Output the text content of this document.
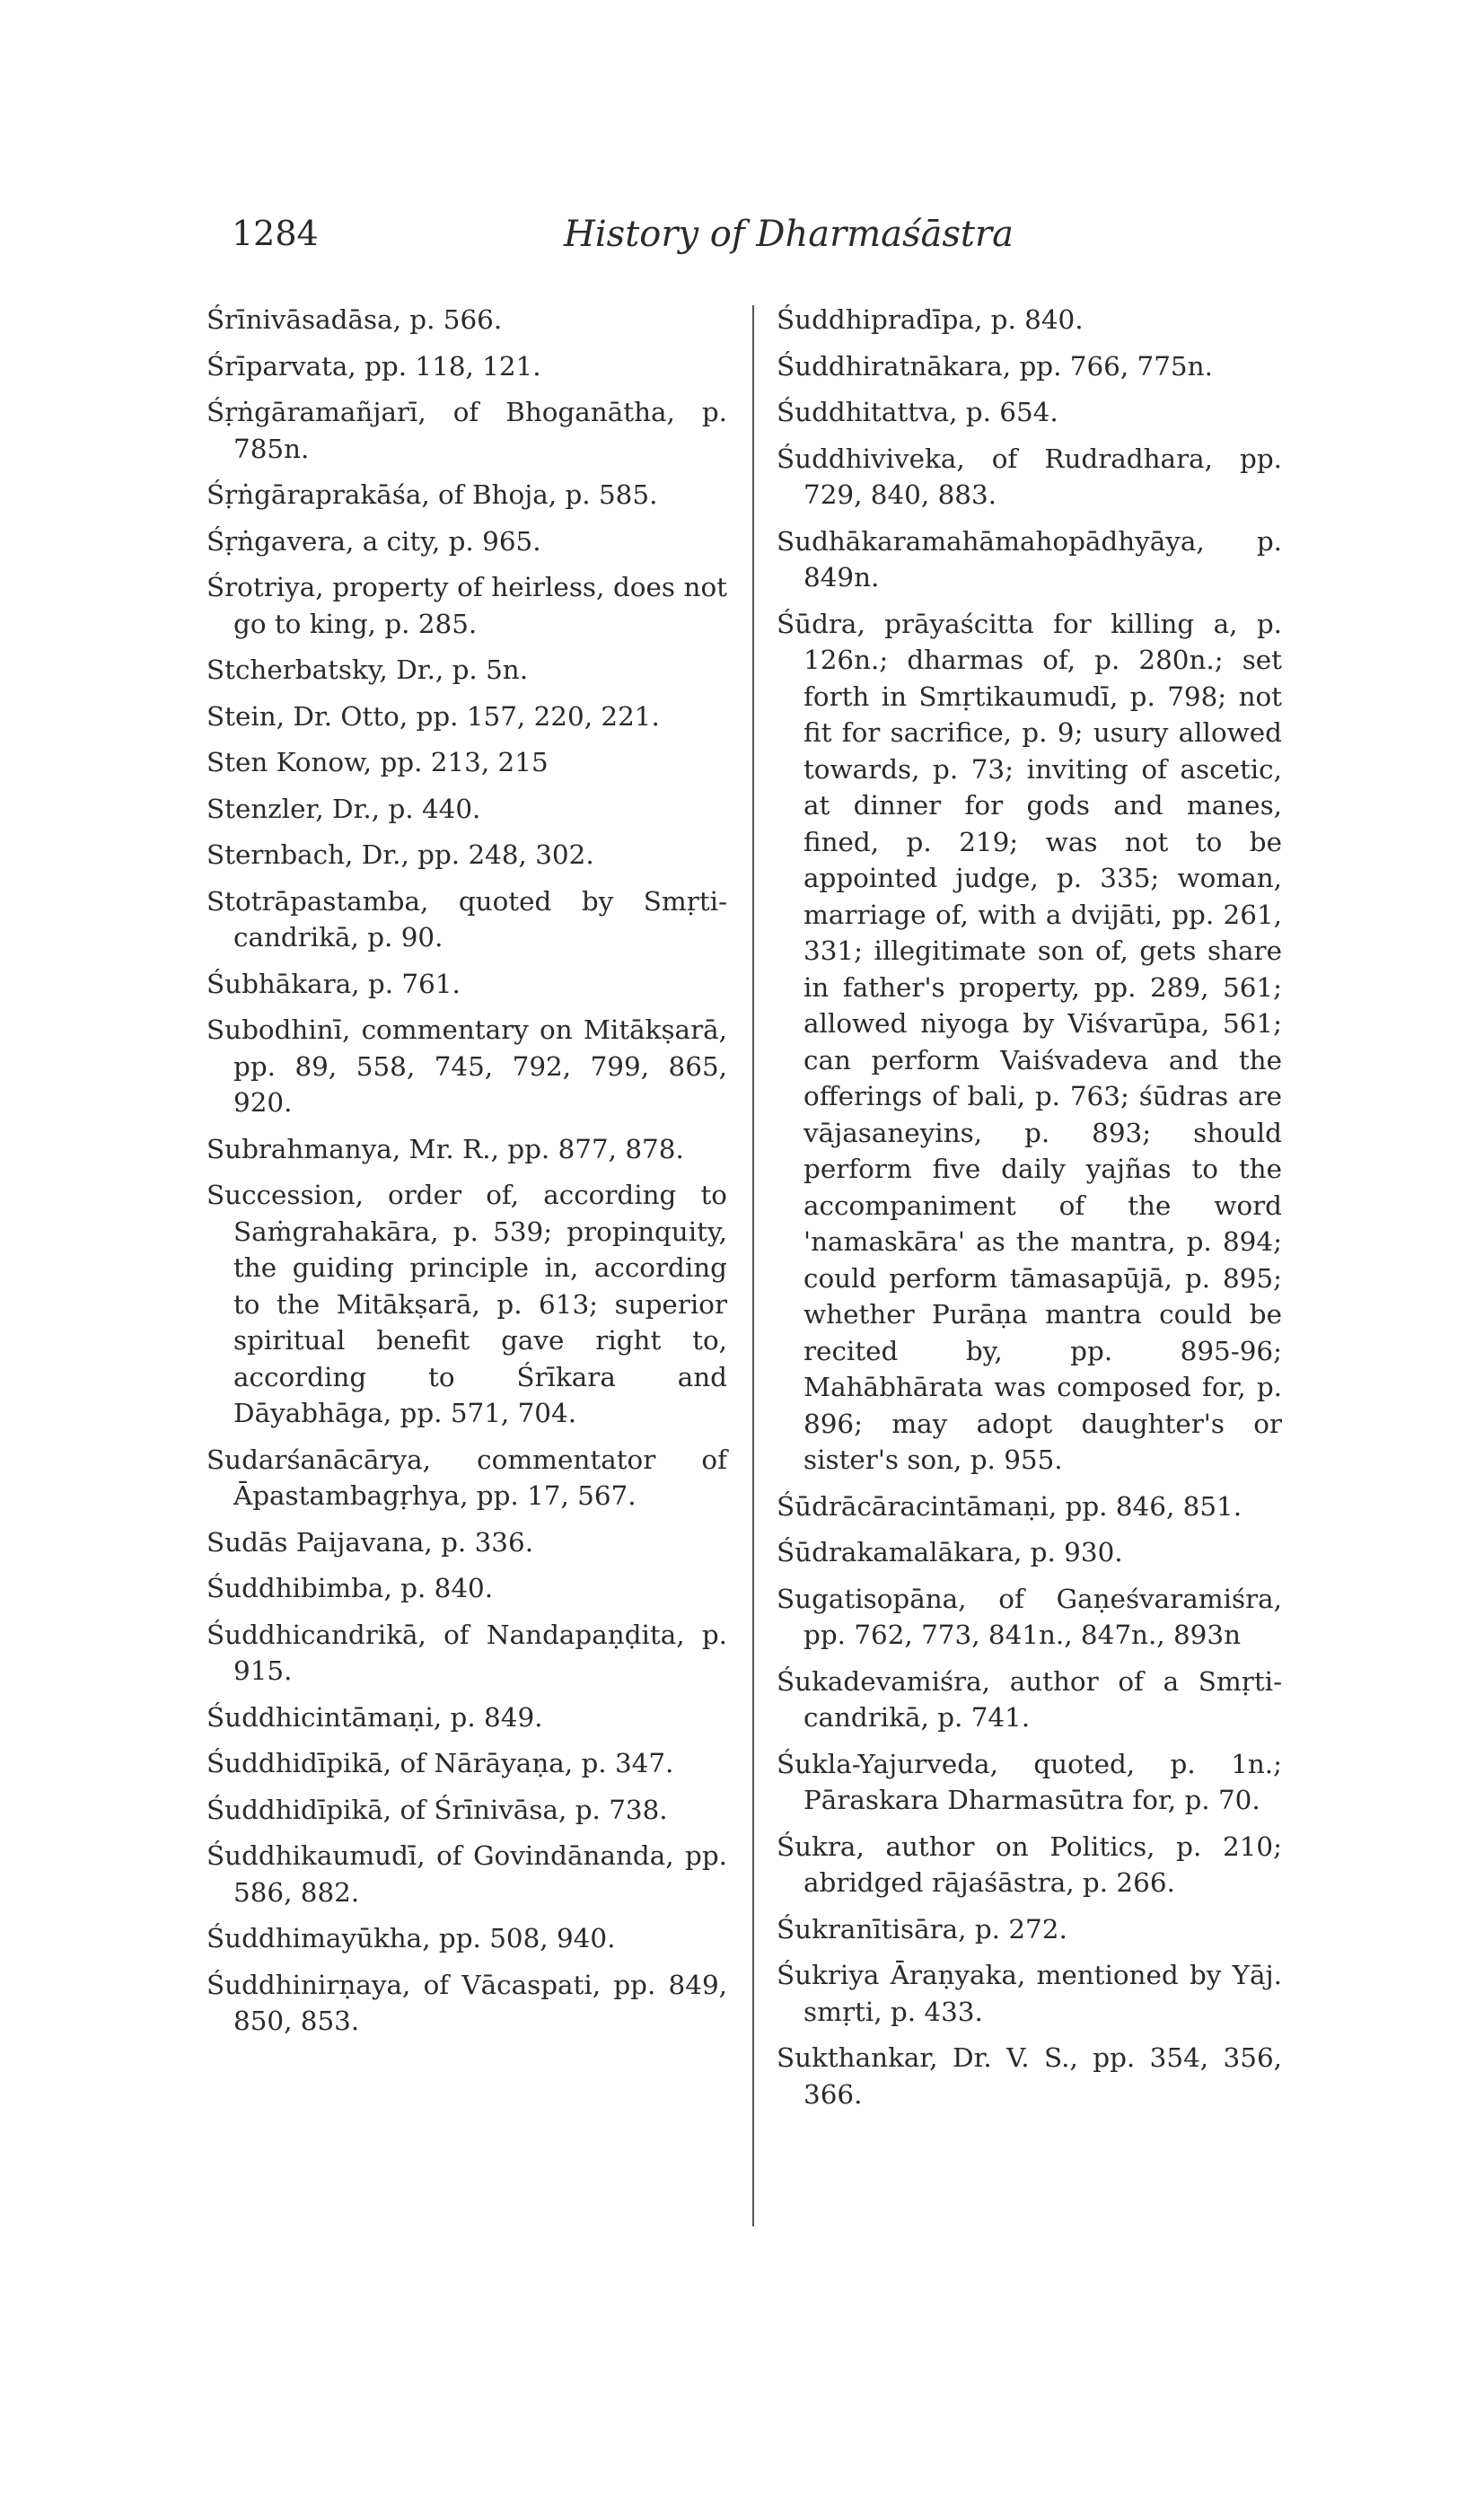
1284	History of Dharmaśāstra

Śrīnivāsadāsa, p. 566.

Śrīparvata, pp. 118, 121.

Śṛṅgāramañjarī, of Bhoganātha, p. 785n.

Śṛṅgāraprakāśa, of Bhoja, p. 585.

Śṛṅgavera, a city, p. 965.

Śrotriya, property of heirless, does not go to king, p. 285.

Stcherbatsky, Dr., p. 5n.

Stein, Dr. Otto, pp. 157, 220, 221.

Sten Konow, pp. 213, 215

Stenzler, Dr., p. 440.

Sternbach, Dr., pp. 248, 302.

Stotrāpastamba, quoted by Smṛti-candrikā, p. 90.

Śubhākara, p. 761.

Subodhinī, commentary on Mitākṣarā, pp. 89, 558, 745, 792, 799, 865, 920.

Subrahmanya, Mr. R., pp. 877, 878.

Succession, order of, according to Saṁgrahakāra, p. 539; propinquity, the guiding principle in, according to the Mitākṣarā, p. 613; superior spiritual benefit gave right to, according to Śrīkara and Dāyabhāga, pp. 571, 704.

Sudarśanācārya, commentator of Āpastambagṛhya, pp. 17, 567.

Sudās Paijavana, p. 336.

Śuddhibimba, p. 840.

Śuddhicandrikā, of Nandapaṇḍita, p. 915.

Śuddhicintāmaṇi, p. 849.

Śuddhidīpikā, of Nārāyaṇa, p. 347.

Śuddhidīpikā, of Śrīnivāsa, p. 738.

Śuddhikaumudī, of Govindānanda, pp. 586, 882.

Śuddhimayūkha, pp. 508, 940.

Śuddhinirṇaya, of Vācaspati, pp. 849, 850, 853.

Śuddhipradīpa, p. 840.

Śuddhiratnākara, pp. 766, 775n.

Śuddhitattva, p. 654.

Śuddhiviveka, of Rudradhara, pp. 729, 840, 883.

Sudhākaramahāmahopādhyāya, p. 849n.

Śūdra, prāyaścitta for killing a, p. 126n.; dharmas of, p. 280n.; set forth in Smṛtikaumudī, p. 798; not fit for sacrifice, p. 9; usury allowed towards, p. 73; inviting of ascetic, at dinner for gods and manes, fined, p. 219; was not to be appointed judge, p. 335; woman, marriage of, with a dvijāti, pp. 261, 331; illegitimate son of, gets share in father's property, pp. 289, 561; allowed niyoga by Viśvarūpa, 561; can perform Vaiśvadeva and the offerings of bali, p. 763; śūdras are vājasaneyins, p. 893; should perform five daily yajñas to the accompaniment of the word 'namaskāra' as the mantra, p. 894; could perform tāmasapūjā, p. 895; whether Purāṇa mantra could be recited by, pp. 895-96; Mahābhārata was composed for, p. 896; may adopt daughter's or sister's son, p. 955.

Śūdrācāracintāmaṇi, pp. 846, 851.

Śūdrakamalākara, p. 930.

Sugatisopāna, of Gaṇeśvaramiśra, pp. 762, 773, 841n., 847n., 893n

Śukadevamiśra, author of a Smṛti-candrikā, p. 741.

Śukla-Yajurveda, quoted, p. 1n.; Pāraskara Dharmasūtra for, p. 70.

Śukra, author on Politics, p. 210; abridged rājaśāstra, p. 266.

Śukranītisāra, p. 272.

Śukriya Āraṇyaka, mentioned by Yāj. smṛti, p. 433.

Sukthankar, Dr. V. S., pp. 354, 356, 366.
